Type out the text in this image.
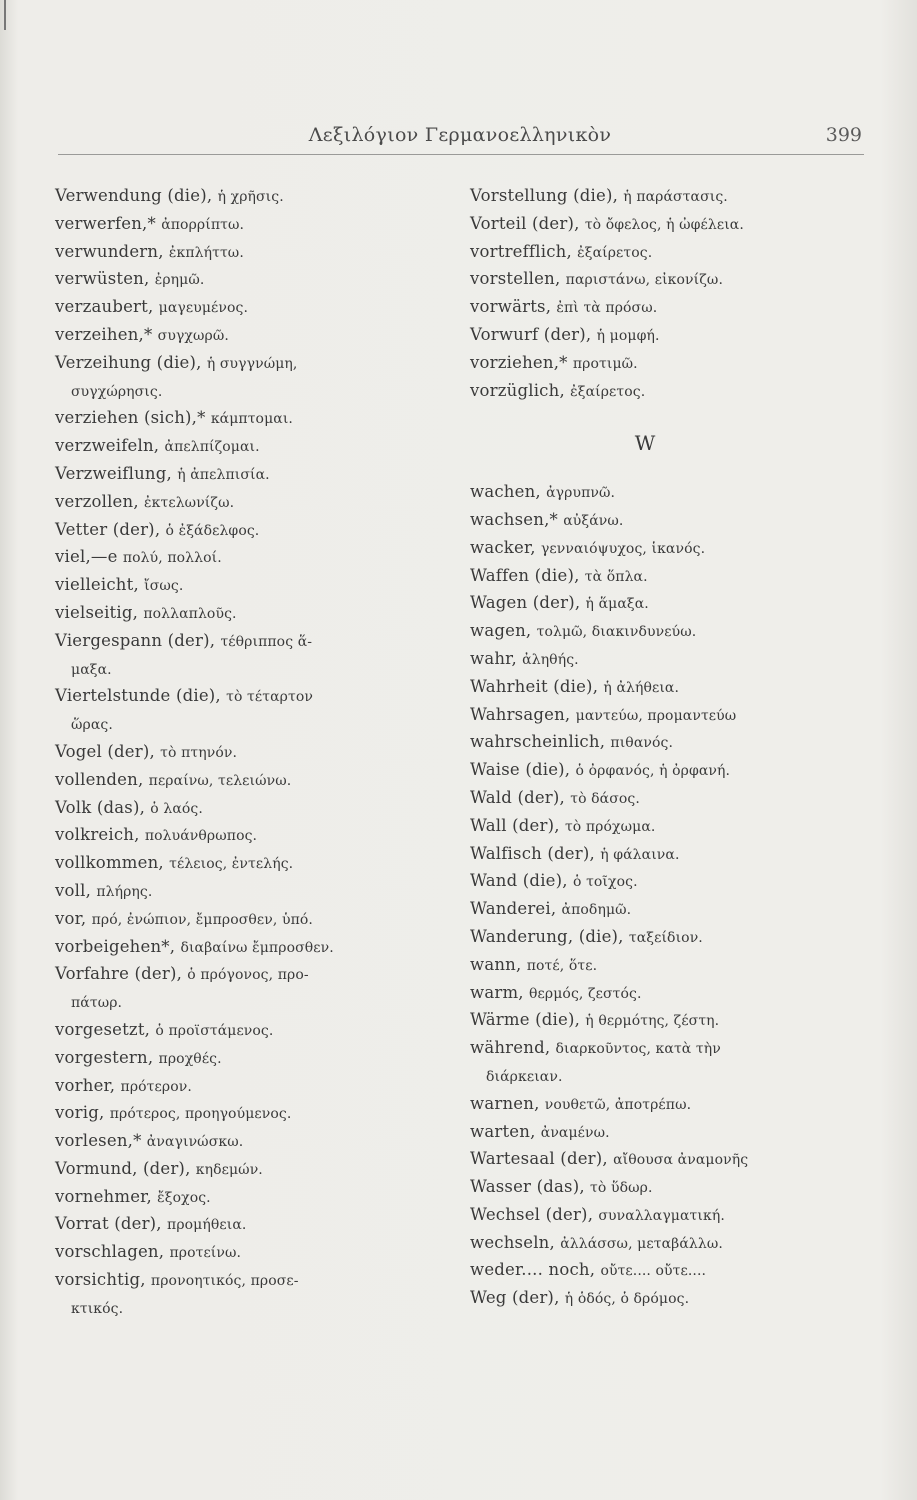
Λεξιλόγιον Γερμανοελληνικὸν	399
Verwendung (die), ἡ χρῆσις.
verwerfen,* ἀπορρίπτω.
verwundern, ἐκπλήττω.
verwüsten, ἐρημῶ.
verzaubert, μαγευμένος.
verzeihen,* συγχωρῶ.
Verzeihung (die), ἡ συγγνώμη,
συγχώρησις.
verziehen (sich),* κάμπτομαι.
verzweifeln, ἀπελπίζομαι.
Verzweiflung, ἡ ἀπελπισία.
verzollen, ἐκτελωνίζω.
Vetter (der), ὁ ἐξάδελφος.
viel,—e πολύ, πολλοί.
vielleicht, ἴσως.
vielseitig, πολλαπλοῦς.
Viergespann (der), τέθριππος ἅ-
μαξα.
Viertelstunde (die), τὸ τέταρτον
ὥρας.
Vogel (der), τὸ πτηνόν.
vollenden, περαίνω, τελειώνω.
Volk (das), ὁ λαός.
volkreich, πολυάνθρωπος.
vollkommen, τέλειος, ἐντελής.
voll, πλήρης.
vor, πρό, ἐνώπιον, ἔμπροσθεν, ὑπό.
vorbeigehen*, διαβαίνω ἔμπροσθεν.
Vorfahre (der), ὁ πρόγονος, προ-
πάτωρ.
vorgesetzt, ὁ προϊστάμενος.
vorgestern, προχθές.
vorher, πρότερον.
vorig, πρότερος, προηγούμενος.
vorlesen,* ἀναγινώσκω.
Vormund, (der), κηδεμών.
vornehmer, ἔξοχος.
Vorrat (der), προμήθεια.
vorschlagen, προτείνω.
vorsichtig, προνοητικός, προσε-
κτικός.
Vorstellung (die), ἡ παράστασις.
Vorteil (der), τὸ ὄφελος, ἡ ὠφέλεια.
vortrefflich, ἐξαίρετος.
vorstellen, παριστάνω, εἰκονίζω.
vorwärts, ἐπὶ τὰ πρόσω.
Vorwurf (der), ἡ μομφή.
vorziehen,* προτιμῶ.
vorzüglich, ἐξαίρετος.
W
wachen, ἀγρυπνῶ.
wachsen,* αὐξάνω.
wacker, γενναιόψυχος, ἱκανός.
Waffen (die), τὰ ὅπλα.
Wagen (der), ἡ ἅμαξα.
wagen, τολμῶ, διακινδυνεύω.
wahr, ἀληθής.
Wahrheit (die), ἡ ἀλήθεια.
Wahrsagen, μαντεύω, προμαντεύω
wahrscheinlich, πιθανός.
Waise (die), ὁ ὀρφανός, ἡ ὀρφανή.
Wald (der), τὸ δάσος.
Wall (der), τὸ πρόχωμα.
Walfisch (der), ἡ φάλαινα.
Wand (die), ὁ τοῖχος.
Wanderei, ἀποδημῶ.
Wanderung, (die), ταξείδιον.
wann, ποτέ, ὅτε.
warm, θερμός, ζεστός.
Wärme (die), ἡ θερμότης, ζέστη.
während, διαρκοῦντος, κατὰ τὴν
διάρκειαν.
warnen, νουθετῶ, ἀποτρέπω.
warten, ἀναμένω.
Wartesaal (der), αἴθουσα ἀναμονῆς
Wasser (das), τὸ ὕδωρ.
Wechsel (der), συναλλαγματική.
wechseln, ἀλλάσσω, μεταβάλλω.
weder.... noch, οὔτε.... οὔτε....
Weg (der), ἡ ὁδός, ὁ δρόμος.
